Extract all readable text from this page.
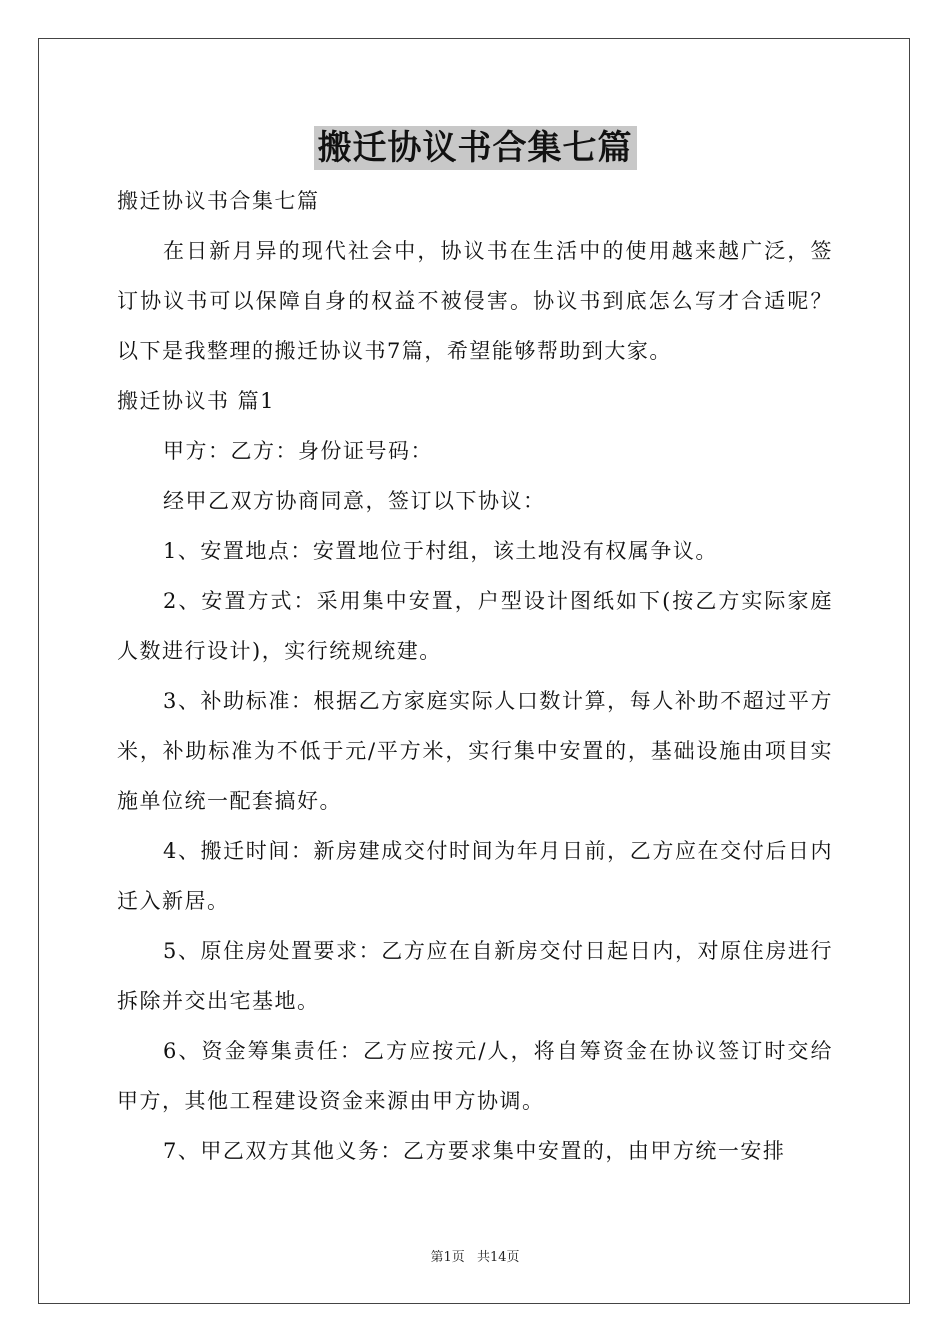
搬迁协议书合集七篇

搬迁协议书合集七篇

在日新月异的现代社会中，协议书在生活中的使用越来越广泛，签订协议书可以保障自身的权益不被侵害。协议书到底怎么写才合适呢？以下是我整理的搬迁协议书7篇，希望能够帮助到大家。

搬迁协议书 篇1

甲方：乙方：身份证号码：

经甲乙双方协商同意，签订以下协议：

1、安置地点：安置地位于村组，该土地没有权属争议。

2、安置方式：采用集中安置，户型设计图纸如下(按乙方实际家庭人数进行设计)，实行统规统建。

3、补助标准：根据乙方家庭实际人口数计算，每人补助不超过平方米，补助标准为不低于元/平方米，实行集中安置的，基础设施由项目实施单位统一配套搞好。

4、搬迁时间：新房建成交付时间为年月日前，乙方应在交付后日内迁入新居。

5、原住房处置要求：乙方应在自新房交付日起日内，对原住房进行拆除并交出宅基地。

6、资金筹集责任：乙方应按元/人，将自筹资金在协议签订时交给甲方，其他工程建设资金来源由甲方协调。

7、甲乙双方其他义务：乙方要求集中安置的，由甲方统一安排

第1页 共14页
